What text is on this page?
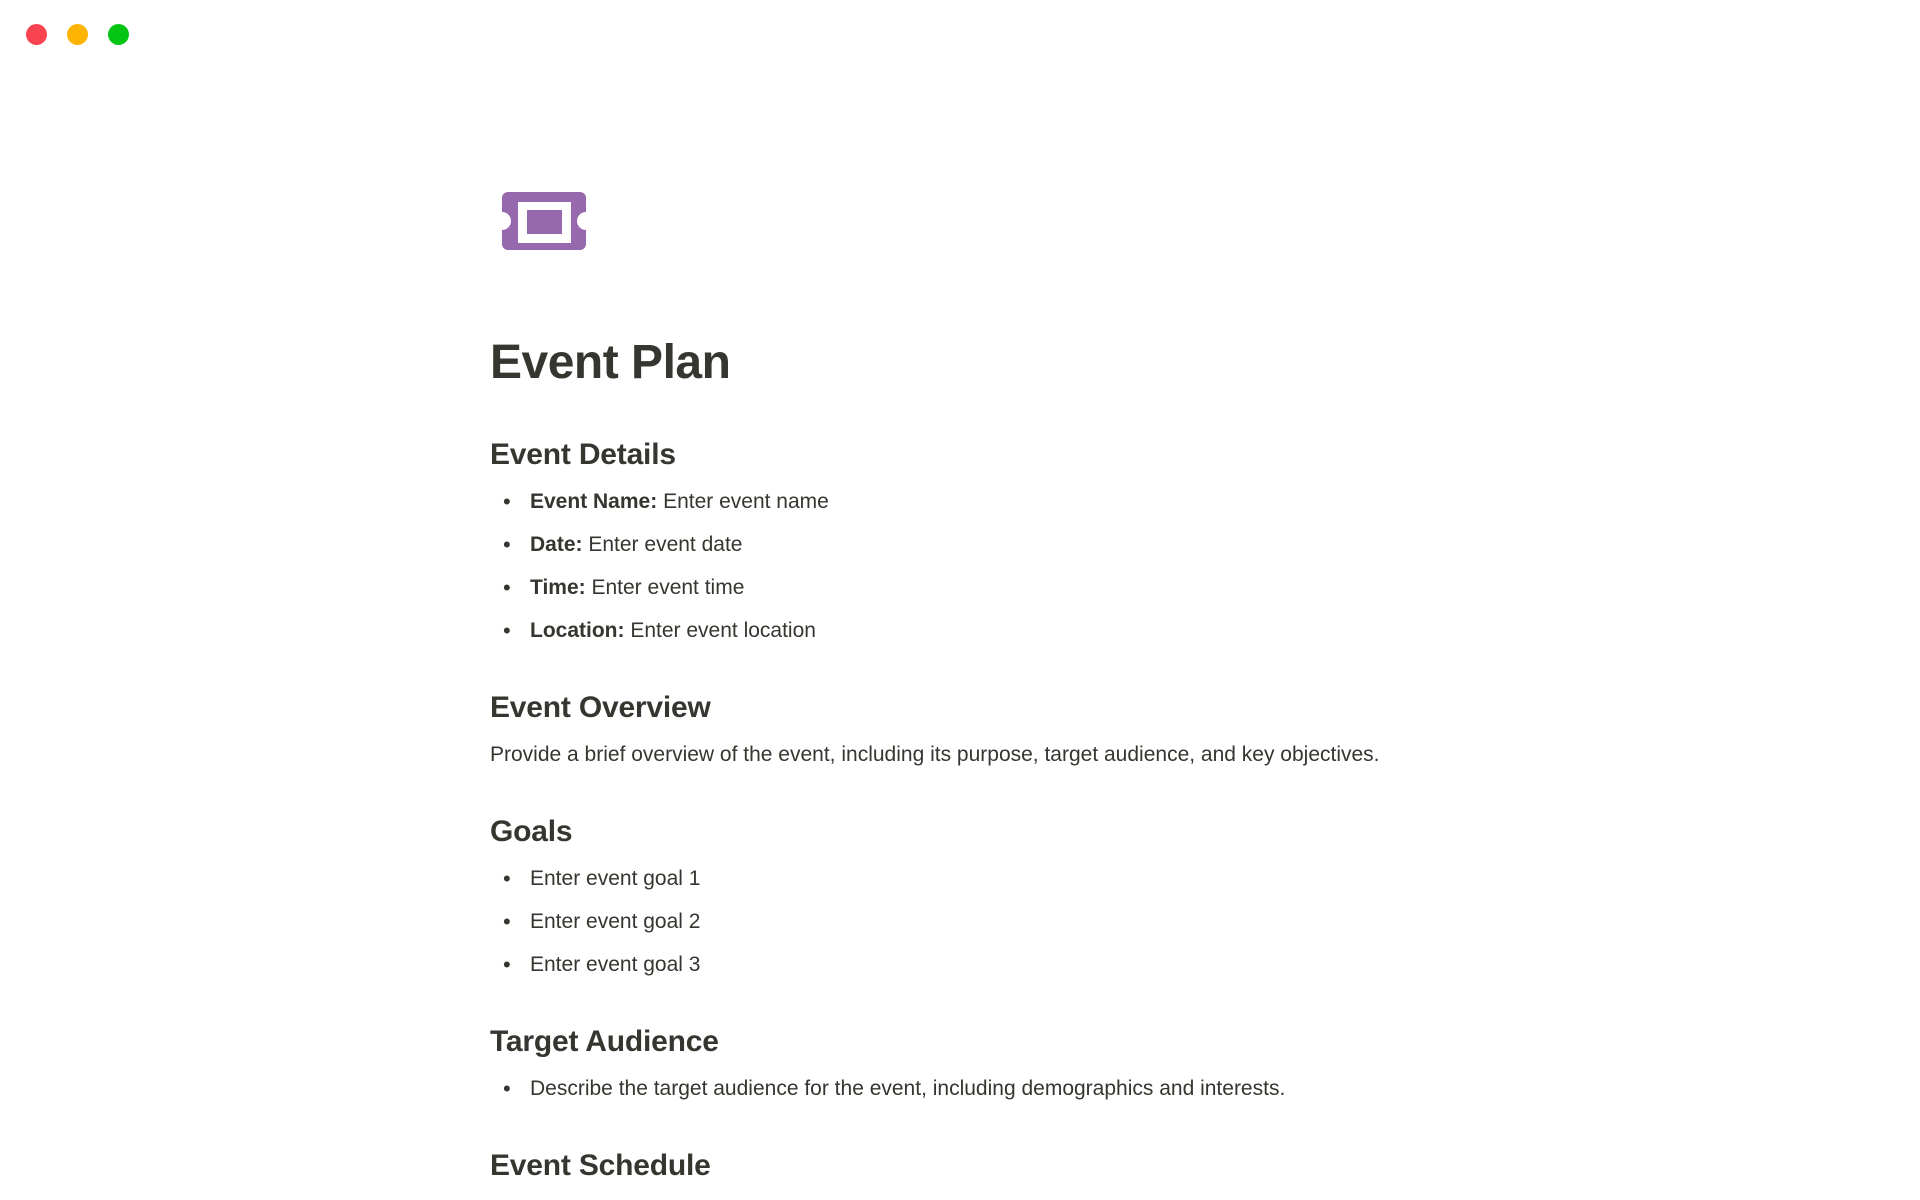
Event Plan
Event Details
• Event Name: Enter event name
• Date: Enter event date
• Time: Enter event time
• Location: Enter event location
Event Overview

Provide a brief overview of the event, including its purpose, target audience, and key objectives.

Goals
• Enter event goal 1
• Enter event goal 2
• Enter event goal 3
Target Audience
• Describe the target audience for the event, including demographics and interests.
Event Schedule
